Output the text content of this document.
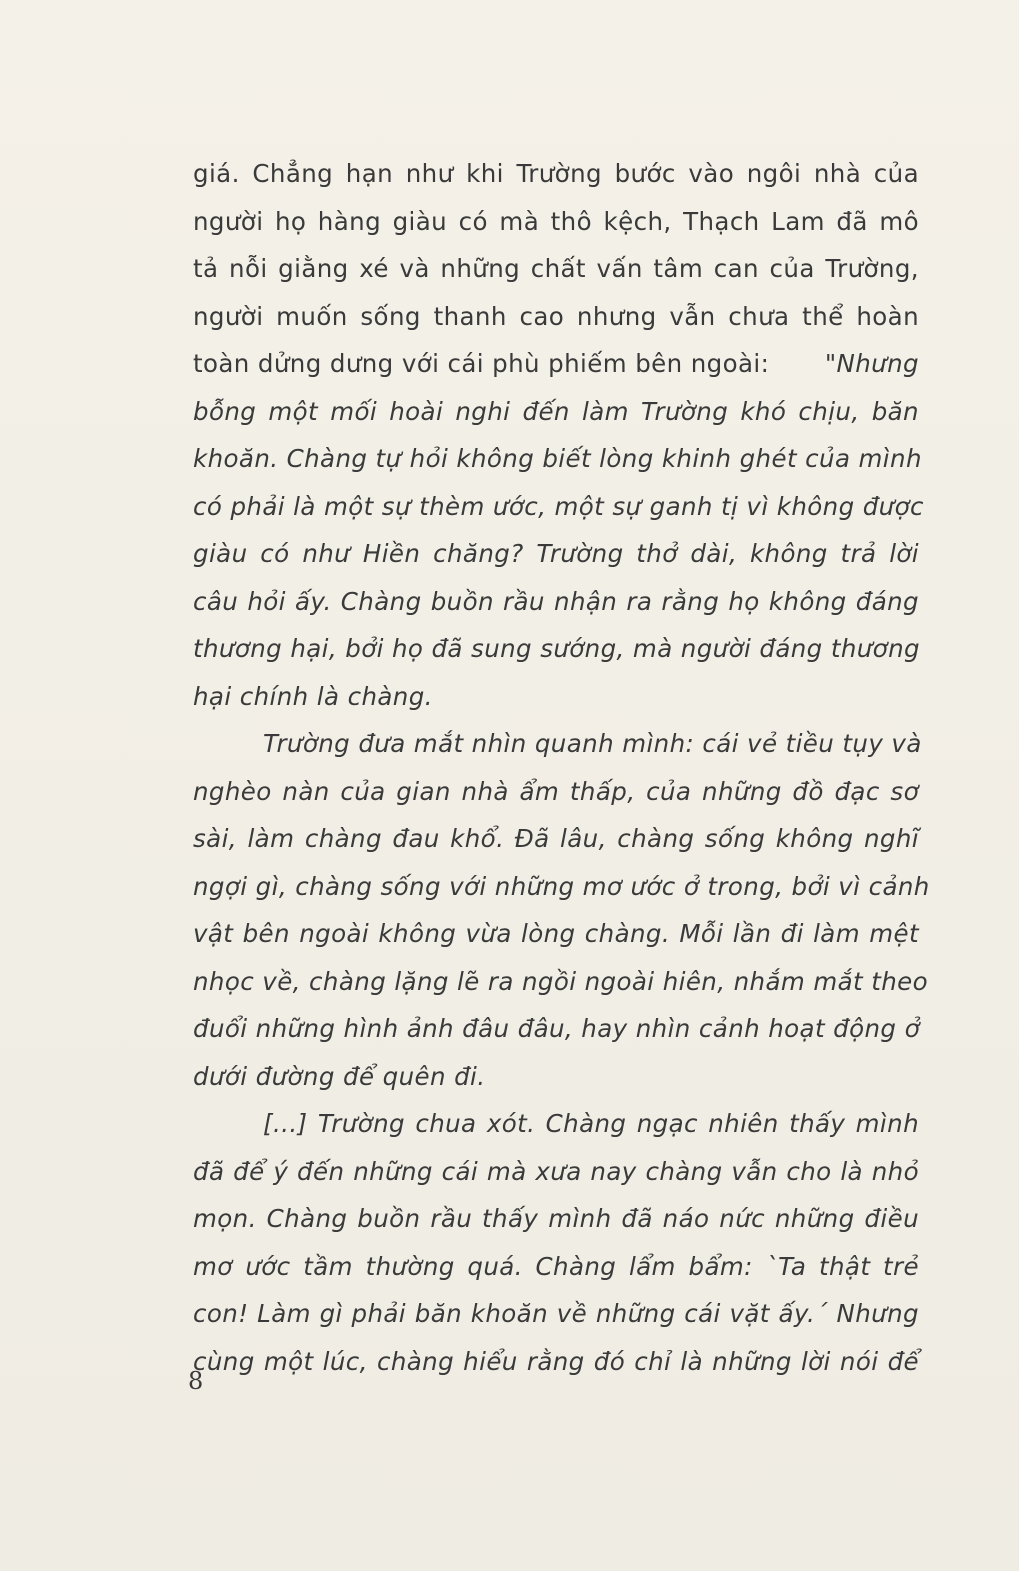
giá. Chẳng hạn như khi Trường bước vào ngôi nhà của
người họ hàng giàu có mà thô kệch, Thạch Lam đã mô
tả nỗi giằng xé và những chất vấn tâm can của Trường,
người muốn sống thanh cao nhưng vẫn chưa thể hoàn
toàn dửng dưng với cái phù phiếm bên ngoài: "Nhưng
bỗng một mối hoài nghi đến làm Trường khó chịu, băn
khoăn. Chàng tự hỏi không biết lòng khinh ghét của mình
có phải là một sự thèm ước, một sự ganh tị vì không được
giàu có như Hiền chăng? Trường thở dài, không trả lời
câu hỏi ấy. Chàng buồn rầu nhận ra rằng họ không đáng
thương hại, bởi họ đã sung sướng, mà người đáng thương
hại chính là chàng.
Trường đưa mắt nhìn quanh mình: cái vẻ tiều tụy và
nghèo nàn của gian nhà ẩm thấp, của những đồ đạc sơ
sài, làm chàng đau khổ. Đã lâu, chàng sống không nghĩ
ngợi gì, chàng sống với những mơ ước ở trong, bởi vì cảnh
vật bên ngoài không vừa lòng chàng. Mỗi lần đi làm mệt
nhọc về, chàng lặng lẽ ra ngồi ngoài hiên, nhắm mắt theo
đuổi những hình ảnh đâu đâu, hay nhìn cảnh hoạt động ở
dưới đường để quên đi.
[...] Trường chua xót. Chàng ngạc nhiên thấy mình
đã để ý đến những cái mà xưa nay chàng vẫn cho là nhỏ
mọn. Chàng buồn rầu thấy mình đã náo nức những điều
mơ ước tầm thường quá. Chàng lẩm bẩm: `Ta thật trẻ
con! Làm gì phải băn khoăn về những cái vặt ấy.´ Nhưng
cùng một lúc, chàng hiểu rằng đó chỉ là những lời nói để
8
